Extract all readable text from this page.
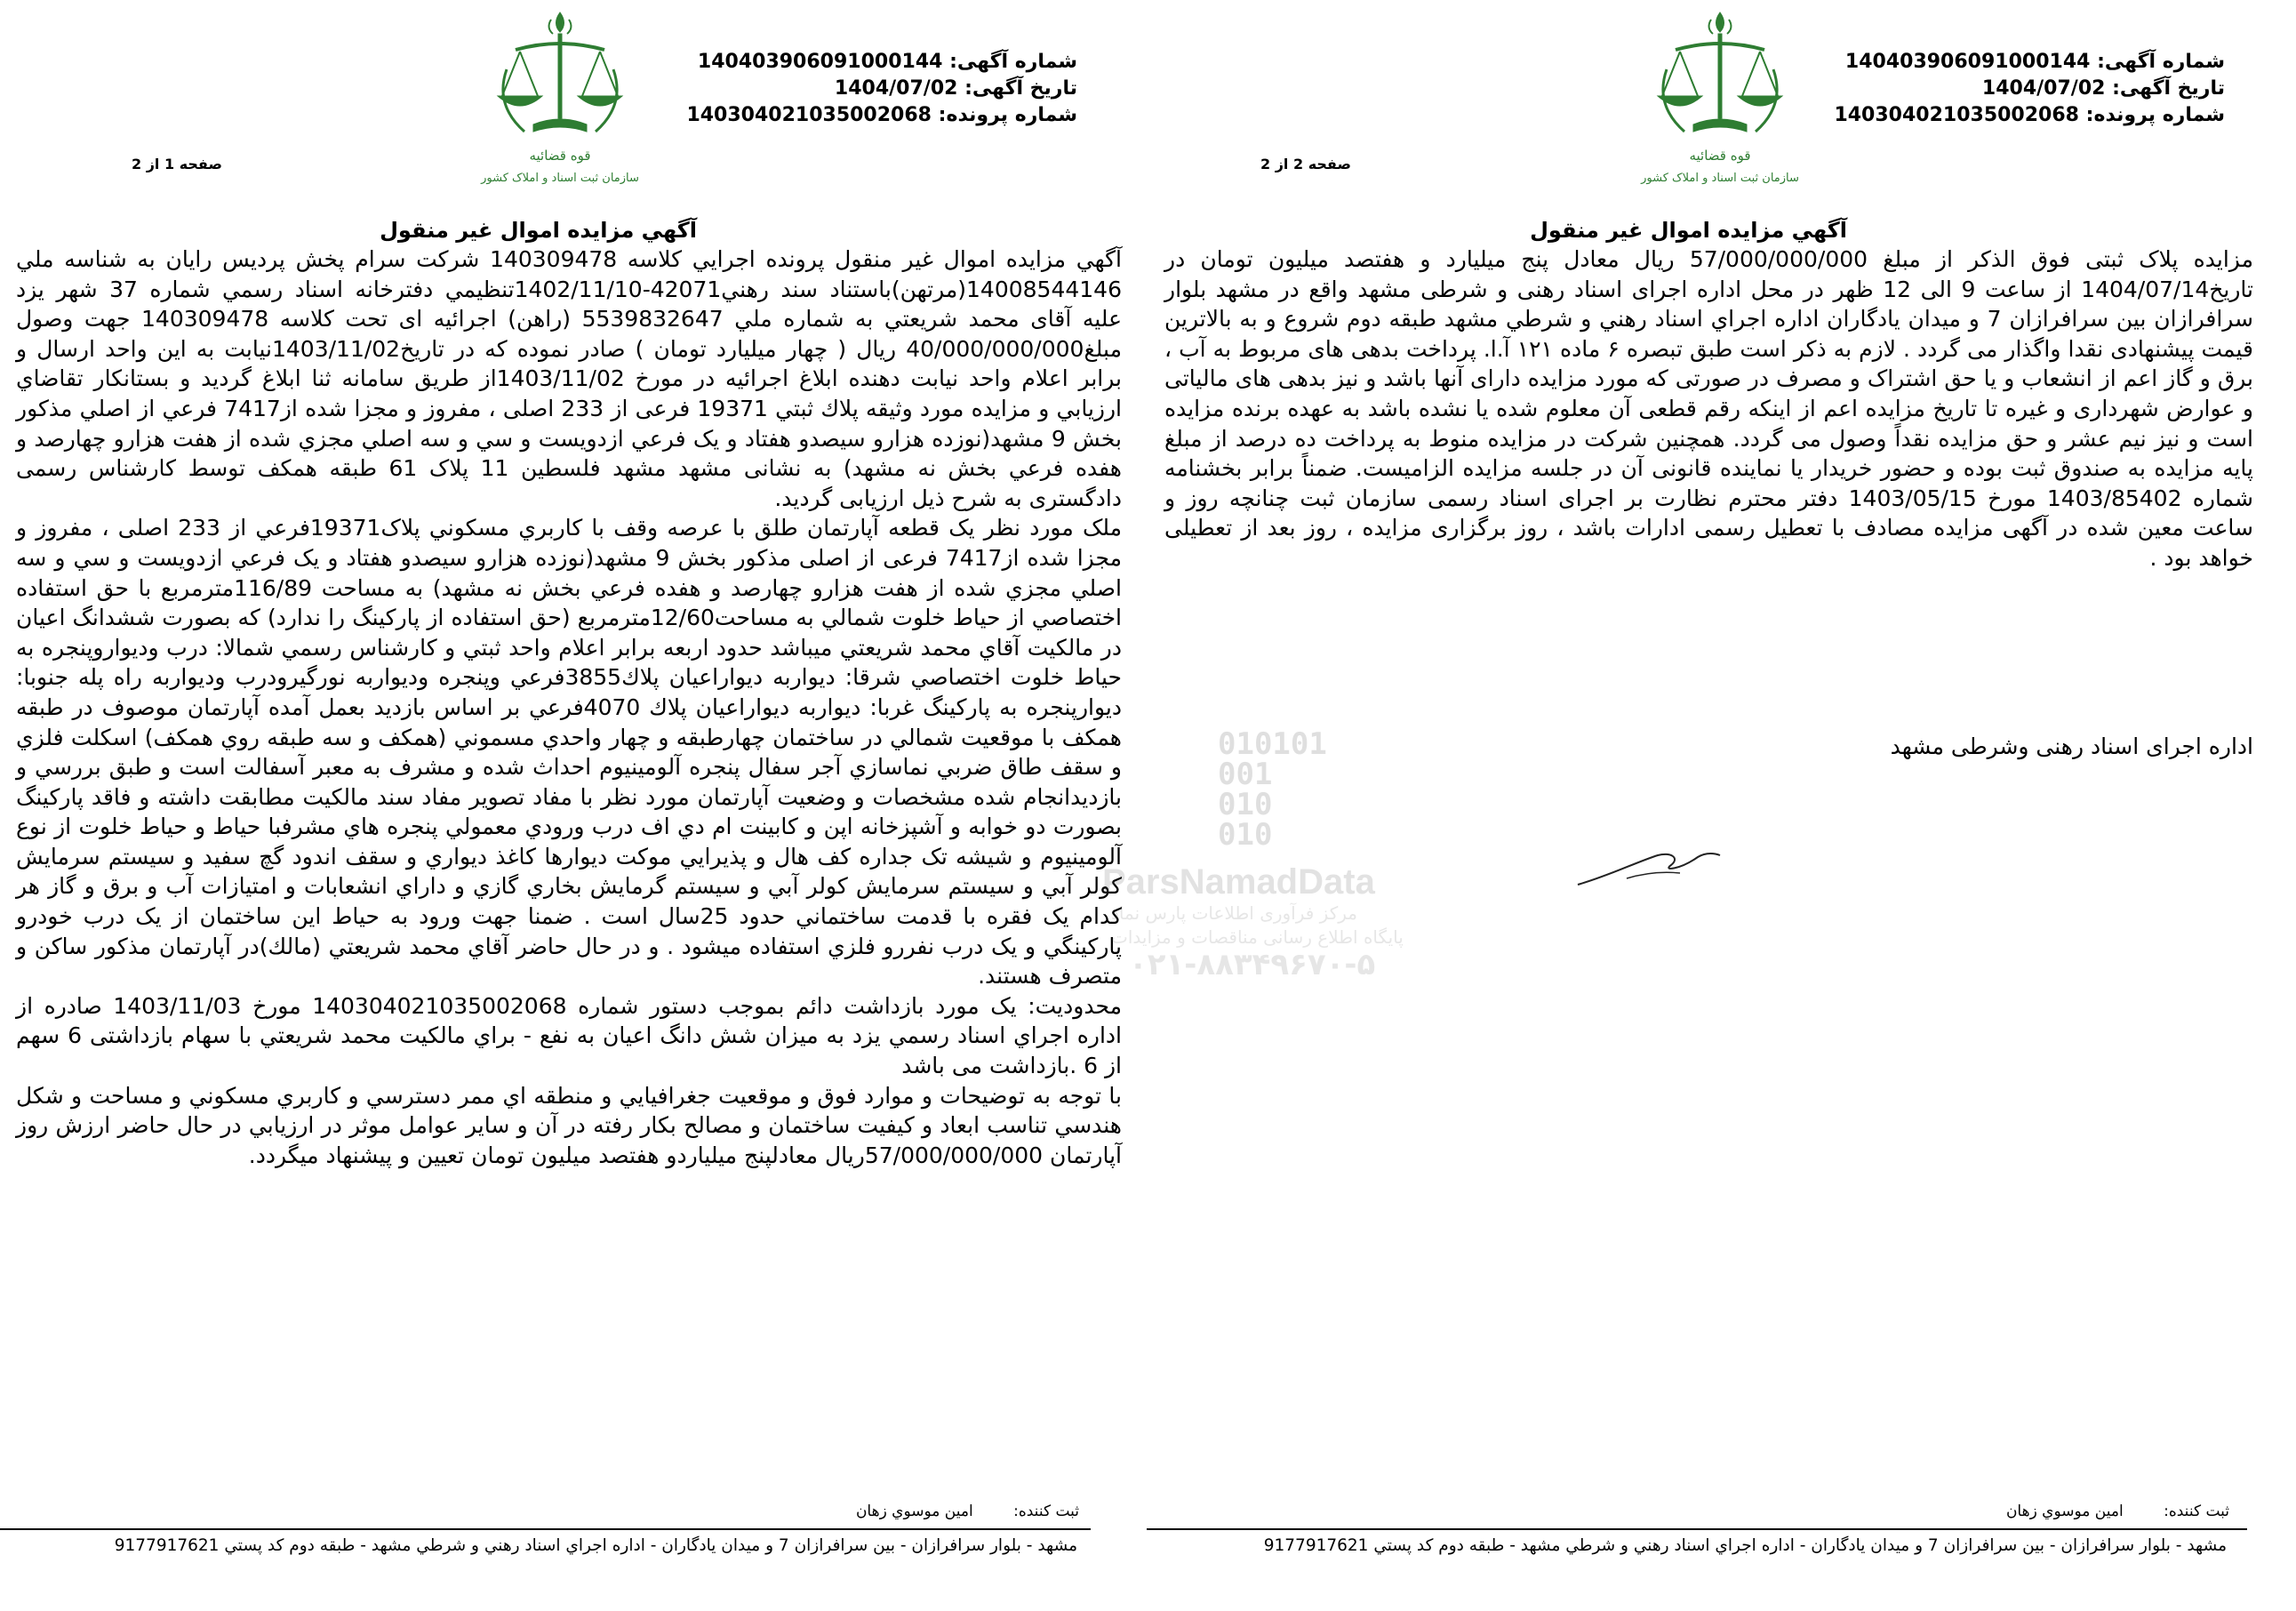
شماره آگهی: 140403906091000144
تاریخ آگهی: 1404/07/02
شماره پرونده: 140304021035002068
قوه قضائیه
سازمان ثبت اسناد و املاک کشور
صفحه 1 از 2
آگهي مزايده اموال غير منقول

آگهي مزايده اموال غير منقول پرونده اجرايي كلاسه 140309478 شركت سرام پخش پرديس رايان به شناسه ملي 14008544146(مرتهن)باستناد سند رهني42071-1402/11/10تنظيمي دفترخانه اسناد رسمي شماره 37 شهر يزد عليه آقاى محمد شريعتي به شماره ملي 5539832647 (راهن) اجرائيه اى تحت كلاسه 140309478 جهت وصول مبلغ40/000/000/000 ريال ( چهار ميليارد تومان ) صادر نموده كه در تاريخ1403/11/02نيابت به اين واحد ارسال و برابر اعلام واحد نيابت دهنده ابلاغ اجرائيه در مورخ 1403/11/02از طريق سامانه ثنا ابلاغ گرديد و بستانكار تقاضاي ارزيابي و مزايده مورد وثيقه پلاك ثبتي 19371 فرعى از 233 اصلى ، مفروز و مجزا شده از7417 فرعي از اصلي مذكور بخش 9 مشهد(نوزده هزارو سيصدو هفتاد و يک فرعي ازدويست و سي و سه اصلي مجزي شده از هفت هزارو چهارصد و هفده فرعي بخش نه مشهد) به نشانی مشهد مشهد فلسطين 11 پلاک 61 طبقه همکف توسط كارشناس رسمى دادگسترى به شرح ذيل ارزيابى گرديد.

ملک مورد نظر يک قطعه آپارتمان طلق با عرصه وقف با کاربري مسکوني پلاک19371فرعي از 233 اصلى ، مفروز و مجزا شده از7417 فرعى از اصلى مذكور بخش 9 مشهد(نوزده هزارو سيصدو هفتاد و يک فرعي ازدويست و سي و سه اصلي مجزي شده از هفت هزارو چهارصد و هفده فرعي بخش نه مشهد) به مساحت 116/89مترمربع با حق استفاده اختصاصي از حياط خلوت شمالي به مساحت12/60مترمربع (حق استفاده از پارکينگ را ندارد) كه بصورت ششدانگ اعيان در مالكيت آقاي محمد شريعتي ميباشد حدود اربعه برابر اعلام واحد ثبتي و كارشناس رسمي شمالا: درب وديواروپنجره به حياط خلوت اختصاصي شرقا: ديواربه ديواراعيان پلاك3855فرعي وپنجره وديواربه نورگيرودرب وديواربه راه پله جنوبا: ديوارپنجره به پاركينگ غربا: ديواربه ديواراعيان پلاك 4070فرعي بر اساس بازديد بعمل آمده آپارتمان موصوف در طبقه همكف با موقعيت شمالي در ساختمان چهارطبقه و چهار واحدي مسموني (همكف و سه طبقه روي همكف) اسكلت فلزي و سقف طاق ضربي نماسازي آجر سفال پنجره آلومينيوم احداث شده و مشرف به معبر آسفالت است و طبق بررسي و بازديدانجام شده مشخصات و وضعيت آپارتمان مورد نظر با مفاد تصوير مفاد سند مالكيت مطابقت داشته و فاقد پاركينگ بصورت دو خوابه و آشپزخانه اپن و كابينت ام دي اف درب ورودي معمولي پنجره هاي مشرفبا حياط و حياط خلوت از نوع آلومينيوم و شيشه تک جداره كف هال و پذيرايي موكت ديوارها كاغذ ديواري و سقف اندود گچ سفيد و سيستم سرمايش كولر آبي و سيستم سرمايش كولر آبي و سيستم گرمايش بخاري گازي و داراي انشعابات و امتيازات آب و برق و گاز هر كدام يک فقره با قدمت ساختماني حدود 25سال است . ضمنا جهت ورود به حياط اين ساختمان از يک درب خودرو پاركينگي و يک درب نفررو فلزي استفاده ميشود . و در حال حاضر آقاي محمد شريعتي (مالك)در آپارتمان مذكور ساكن و متصرف هستند.

محدوديت: يک مورد بازداشت دائم بموجب دستور شماره 140304021035002068 مورخ 1403/11/03 صادره از اداره اجراي اسناد رسمي يزد به ميزان شش دانگ اعيان به نفع - براي مالكيت محمد شريعتي با سهام بازداشتی 6 سهم از 6 .بازداشت می باشد

با توجه به توضيحات و موارد فوق و موقعيت جغرافيايي و منطقه اي ممر دسترسي و كاربري مسكوني و مساحت و شكل هندسي تناسب ابعاد و كيفيت ساختمان و مصالح بكار رفته در آن و ساير عوامل موثر در ارزيابي در حال حاضر ارزش روز آپارتمان 57/000/000/000ريال معادلپنج ميلياردو هفتصد ميليون تومان تعيين و پيشنهاد ميگردد.

ثبت كننده: امين موسوي زهان
مشهد - بلوار سرافرازان - بين سرافرازان 7 و ميدان يادگاران - اداره اجراي اسناد رهني و شرطي مشهد - طبقه دوم كد پستي 9177917621
شماره آگهی: 140403906091000144
تاریخ آگهی: 1404/07/02
شماره پرونده: 140304021035002068
قوه قضائیه
سازمان ثبت اسناد و املاک کشور
صفحه 2 از 2
آگهي مزايده اموال غير منقول

مزایده پلاک ثبتی فوق الذکر از مبلغ 57/000/000/000 ریال معادل پنج میلیارد و هفتصد میلیون تومان در تاریخ1404/07/14 از ساعت 9 الی 12 ظهر در محل اداره اجرای اسناد رهنی و شرطی مشهد واقع در مشهد بلوار سرافرازان بين سرافرازان 7 و ميدان يادگاران اداره اجراي اسناد رهني و شرطي مشهد طبقه دوم شروع و به بالاترین قیمت پیشنهادی نقدا واگذار می گردد . لازم به ذکر است طبق تبصره ۶ ماده ۱۲۱ آ.ا. پرداخت بدهی های مربوط به آب ، برق و گاز اعم از انشعاب و یا حق اشتراک و مصرف در صورتی که مورد مزایده دارای آنها باشد و نیز بدهی های مالیاتی و عوارض شهرداری و غیره تا تاریخ مزایده اعم از اینکه رقم قطعی آن معلوم شده یا نشده باشد به عهده برنده مزایده است و نیز نیم عشر و حق مزایده نقداً وصول می گردد. همچنین شرکت در مزایده منوط به پرداخت ده درصد از مبلغ پایه مزایده به صندوق ثبت بوده و حضور خریدار یا نماینده قانونی آن در جلسه مزایده الزامیست. ضمناً برابر بخشنامه شماره 1403/85402 مورخ 1403/05/15 دفتر محترم نظارت بر اجرای اسناد رسمی سازمان ثبت چنانچه روز و ساعت معین شده در آگهی مزایده مصادف با تعطیل رسمی ادارات باشد ، روز برگزاری مزایده ، روز بعد از تعطیلی خواهد بود .

اداره اجرای اسناد رهنی وشرطی مشهد
ثبت كننده: امين موسوي زهان
مشهد - بلوار سرافرازان - بين سرافرازان 7 و ميدان يادگاران - اداره اجراي اسناد رهني و شرطي مشهد - طبقه دوم كد پستي 9177917621
010101
001
010
010
ParsNamadData
مرکز فرآوری اطلاعات پارس نماد
پایگاه اطلاع رسانی مناقصات و مزایدات
۰۲۱-۸۸۳۴۹۶۷۰-۵
